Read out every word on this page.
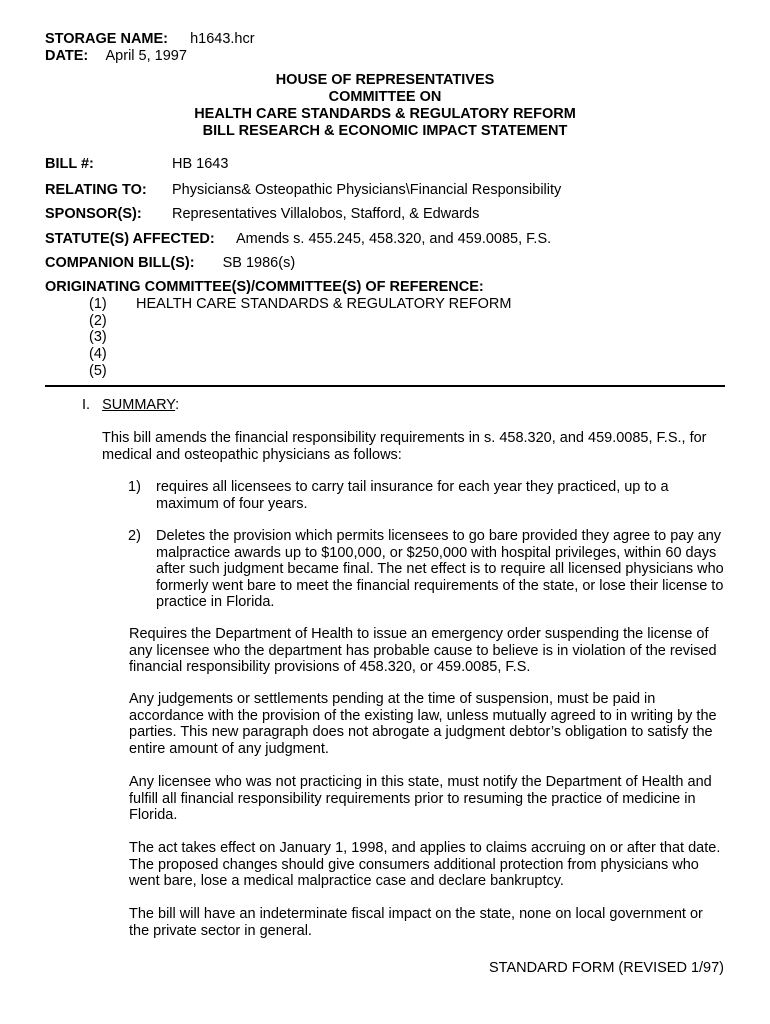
STORAGE NAME: h1643.hcr
DATE: April 5, 1997
HOUSE OF REPRESENTATIVES
COMMITTEE ON
HEALTH CARE STANDARDS & REGULATORY REFORM
BILL RESEARCH & ECONOMIC IMPACT STATEMENT
BILL #:	HB 1643
RELATING TO: Physicians& Osteopathic Physicians\Financial Responsibility
SPONSOR(S): Representatives Villalobos, Stafford, & Edwards
STATUTE(S) AFFECTED: Amends s. 455.245, 458.320, and 459.0085, F.S.
COMPANION BILL(S): SB 1986(s)
ORIGINATING COMMITTEE(S)/COMMITTEE(S) OF REFERENCE:
(1) HEALTH CARE STANDARDS & REGULATORY REFORM
(2)
(3)
(4)
(5)
I. SUMMARY:
This bill amends the financial responsibility requirements in s. 458.320, and 459.0085, F.S., for medical and osteopathic physicians as follows:
1) requires all licensees to carry tail insurance for each year they practiced, up to a maximum of four years.
2) Deletes the provision which permits licensees to go bare provided they agree to pay any malpractice awards up to $100,000, or $250,000 with hospital privileges, within 60 days after such judgment became final. The net effect is to require all licensed physicians who formerly went bare to meet the financial requirements of the state, or lose their license to practice in Florida.
Requires the Department of Health to issue an emergency order suspending the license of any licensee who the department has probable cause to believe is in violation of the revised financial responsibility provisions of 458.320, or 459.0085, F.S.
Any judgements or settlements pending at the time of suspension, must be paid in accordance with the provision of the existing law, unless mutually agreed to in writing by the parties. This new paragraph does not abrogate a judgment debtor’s obligation to satisfy the entire amount of any judgment.
Any licensee who was not practicing in this state, must notify the Department of Health and fulfill all financial responsibility requirements prior to resuming the practice of medicine in Florida.
The act takes effect on January 1, 1998, and applies to claims accruing on or after that date. The proposed changes should give consumers additional protection from physicians who went bare, lose a medical malpractice case and declare bankruptcy.
The bill will have an indeterminate fiscal impact on the state, none on local government or the private sector in general.
STANDARD FORM (REVISED 1/97)
